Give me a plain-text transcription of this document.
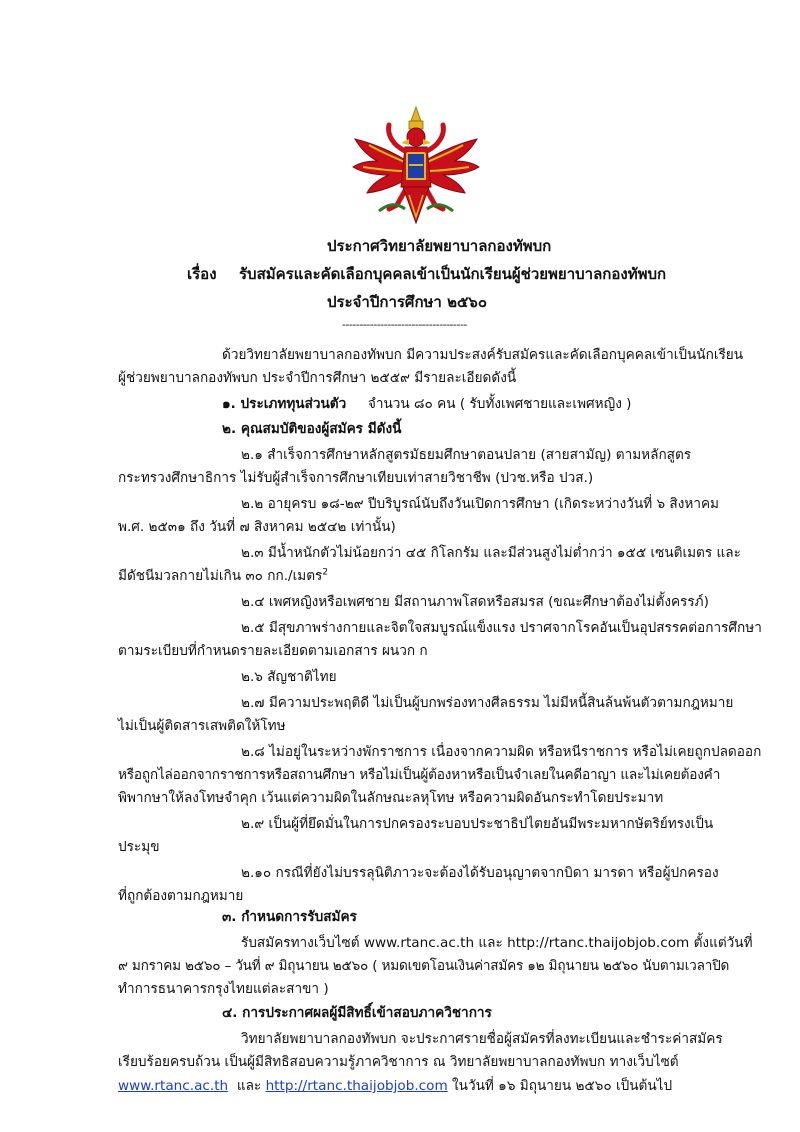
ประกาศวิทยาลัยพยาบาลกองทัพบก
เรื่อง รับสมัครและคัดเลือกบุคคลเข้าเป็นนักเรียนผู้ช่วยพยาบาลกองทัพบก
ประจำปีการศึกษา ๒๕๖๐
------------------------------------
ด้วยวิทยาลัยพยาบาลกองทัพบก มีความประสงค์รับสมัครและคัดเลือกบุคคลเข้าเป็นนักเรียน
ผู้ช่วยพยาบาลกองทัพบก ประจำปีการศึกษา ๒๕๕๙ มีรายละเอียดดังนี้
๑. ประเภททุนส่วนตัว จำนวน ๘๐ คน ( รับทั้งเพศชายและเพศหญิง )
๒. คุณสมบัติของผู้สมัคร มีดังนี้
๒.๑ สำเร็จการศึกษาหลักสูตรมัธยมศึกษาตอนปลาย (สายสามัญ) ตามหลักสูตร
กระทรวงศึกษาธิการ ไม่รับผู้สำเร็จการศึกษาเทียบเท่าสายวิชาชีพ (ปวช.หรือ ปวส.)
๒.๒ อายุครบ ๑๘-๒๙ ปีบริบูรณ์นับถึงวันเปิดการศึกษา (เกิดระหว่างวันที่ ๖ สิงหาคม
พ.ศ. ๒๕๓๑ ถึง วันที่ ๗ สิงหาคม ๒๕๔๒ เท่านั้น)
๒.๓ มีน้ำหนักตัวไม่น้อยกว่า ๔๕ กิโลกรัม และมีส่วนสูงไม่ต่ำกว่า ๑๕๕ เซนติเมตร และ
มีดัชนีมวลกายไม่เกิน ๓๐ กก./เมตร$^2$
๒.๔ เพศหญิงหรือเพศชาย มีสถานภาพโสดหรือสมรส (ขณะศึกษาต้องไม่ตั้งครรภ์)
๒.๕ มีสุขภาพร่างกายและจิตใจสมบูรณ์แข็งแรง ปราศจากโรคอันเป็นอุปสรรคต่อการศึกษา
ตามระเบียบที่กำหนดรายละเอียดตามเอกสาร ผนวก ก
๒.๖ สัญชาติไทย
๒.๗ มีความประพฤติดี ไม่เป็นผู้บกพร่องทางศีลธรรม ไม่มีหนี้สินล้นพ้นตัวตามกฎหมาย
ไม่เป็นผู้ติดสารเสพติดให้โทษ
๒.๘ ไม่อยู่ในระหว่างพักราชการ เนื่องจากความผิด หรือหนีราชการ หรือไม่เคยถูกปลดออก
หรือถูกไล่ออกจากราชการหรือสถานศึกษา หรือไม่เป็นผู้ต้องหาหรือเป็นจำเลยในคดีอาญา และไม่เคยต้องคำ
พิพากษาให้ลงโทษจำคุก เว้นแต่ความผิดในลักษณะลหุโทษ หรือความผิดอันกระทำโดยประมาท
๒.๙ เป็นผู้ที่ยึดมั่นในการปกครองระบอบประชาธิปไตยอันมีพระมหากษัตริย์ทรงเป็น
ประมุข
๒.๑๐ กรณีที่ยังไม่บรรลุนิติภาวะจะต้องได้รับอนุญาตจากบิดา มารดา หรือผู้ปกครอง
ที่ถูกต้องตามกฎหมาย
๓. กำหนดการรับสมัคร
รับสมัครทางเว็บไซต์ www.rtanc.ac.th และ http://rtanc.thaijobjob.com ตั้งแต่วันที่
๙ มกราคม ๒๕๖๐ – วันที่ ๙ มิถุนายน ๒๕๖๐ ( หมดเขตโอนเงินค่าสมัคร ๑๒ มิถุนายน ๒๕๖๐ นับตามเวลาปิด
ทำการธนาคารกรุงไทยแต่ละสาขา )
๔. การประกาศผลผู้มีสิทธิ์เข้าสอบภาควิชาการ
วิทยาลัยพยาบาลกองทัพบก จะประกาศรายชื่อผู้สมัครที่ลงทะเบียนและชำระค่าสมัคร
เรียบร้อยครบถ้วน เป็นผู้มีสิทธิสอบความรู้ภาควิชาการ ณ วิทยาลัยพยาบาลกองทัพบก ทางเว็บไซต์
www.rtanc.ac.th และ http://rtanc.thaijobjob.com ในวันที่ ๑๖ มิถุนายน ๒๕๖๐ เป็นต้นไป
